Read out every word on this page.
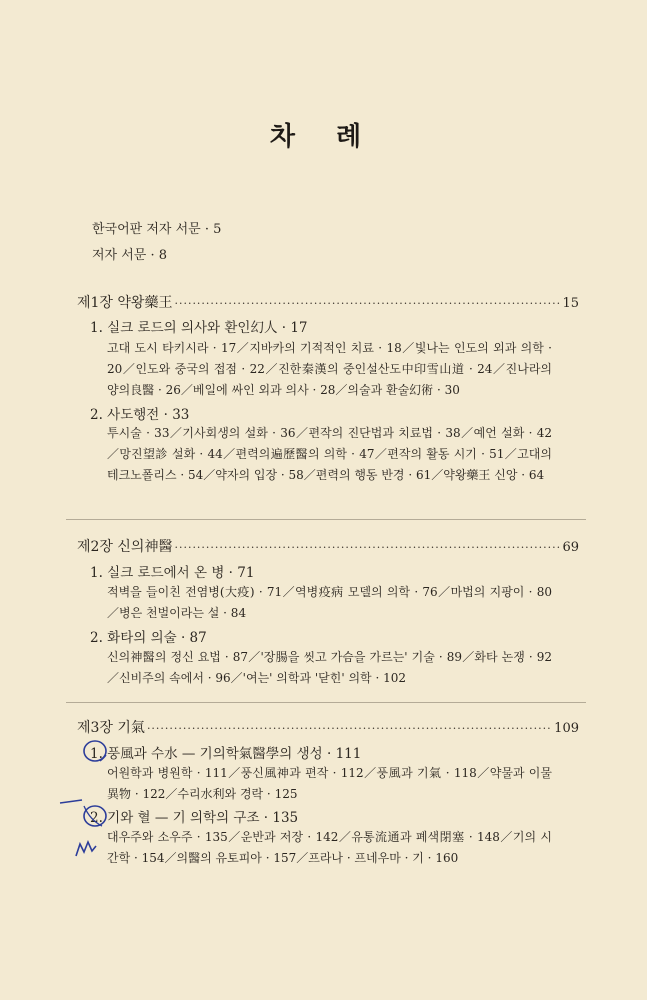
차 례
한국어판 저자 서문 · 5
저자 서문 · 8
제1장 약왕藥王 ·····	15
1. 실크 로드의 의사와 환인幻人 · 17
고대 도시 타키시라 · 17／지바카의 기적적인 치료 · 18／빛나는 인도의 외과 의학 · 20／인도와 중국의 접점 · 22／진한秦漢의 중인설산도中印雪山道 · 24／진나라의 양의良醫 · 26／베일에 싸인 외과 의사 · 28／의술과 환술幻術 · 30
2. 사도행전 · 33
투시술 · 33／기사회생의 설화 · 36／편작의 진단법과 치료법 · 38／예언 설화 · 42／망진望診 설화 · 44／편력의遍歷醫의 의학 · 47／편작의 활동 시기 · 51／고대의 테크노폴리스 · 54／약자의 입장 · 58／편력의 행동 반경 · 61／약왕藥王 신앙 · 64
제2장 신의神醫 ·····	69
1. 실크 로드에서 온 병 · 71
적벽을 들이친 전염병(大疫) · 71／역병疫病 모델의 의학 · 76／마법의 지팡이 · 80／병은 천벌이라는 설 · 84
2. 화타의 의술 · 87
신의神醫의 정신 요법 · 87／'장腸을 씻고 가슴을 가르는' 기술 · 89／화타 논쟁 · 92／신비주의 속에서 · 96／'여는' 의학과 '닫힌' 의학 · 102
제3장 기氣 ·····	109
1. 풍風과 수水 — 기의학氣醫學의 생성 · 111
어원학과 병원학 · 111／풍신風神과 편작 · 112／풍風과 기氣 · 118／약물과 이물異物 · 122／수리水利와 경락 · 125
2. 기와 혈 — 기 의학의 구조 · 135
대우주와 소우주 · 135／운반과 저장 · 142／유통流通과 폐색閉塞 · 148／기의 시간학 · 154／의醫의 유토피아 · 157／프라나 · 프네우마 · 기 · 160
